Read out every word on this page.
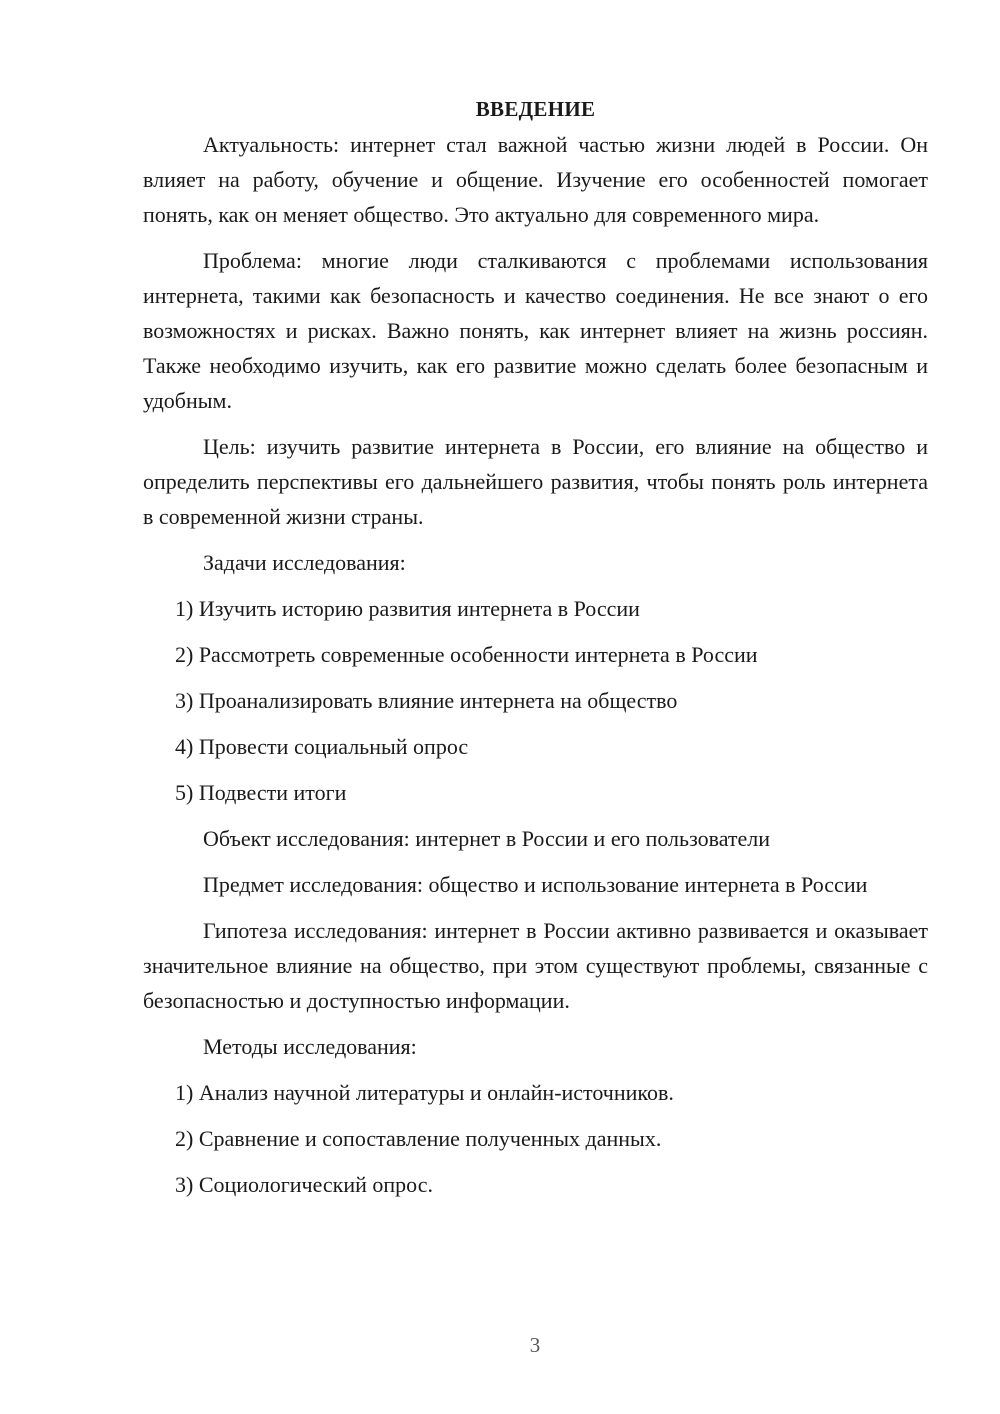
ВВЕДЕНИЕ
Актуальность: интернет стал важной частью жизни людей в России. Он влияет на работу, обучение и общение. Изучение его особенностей помогает понять, как он меняет общество. Это актуально для современного мира.
Проблема: многие люди сталкиваются с проблемами использования интернета, такими как безопасность и качество соединения. Не все знают о его возможностях и рисках. Важно понять, как интернет влияет на жизнь россиян. Также необходимо изучить, как его развитие можно сделать более безопасным и удобным.
Цель: изучить развитие интернета в России, его влияние на общество и определить перспективы его дальнейшего развития, чтобы понять роль интернета в современной жизни страны.
Задачи исследования:
1) Изучить историю развития интернета в России
2) Рассмотреть современные особенности интернета в России
3) Проанализировать влияние интернета на общество
4) Провести социальный опрос
5) Подвести итоги
Объект исследования: интернет в России и его пользователи
Предмет исследования: общество и использование интернета в России
Гипотеза исследования: интернет в России активно развивается и оказывает значительное влияние на общество, при этом существуют проблемы, связанные с безопасностью и доступностью информации.
Методы исследования:
1) Анализ научной литературы и онлайн-источников.
2) Сравнение и сопоставление полученных данных.
3) Социологический опрос.
3
